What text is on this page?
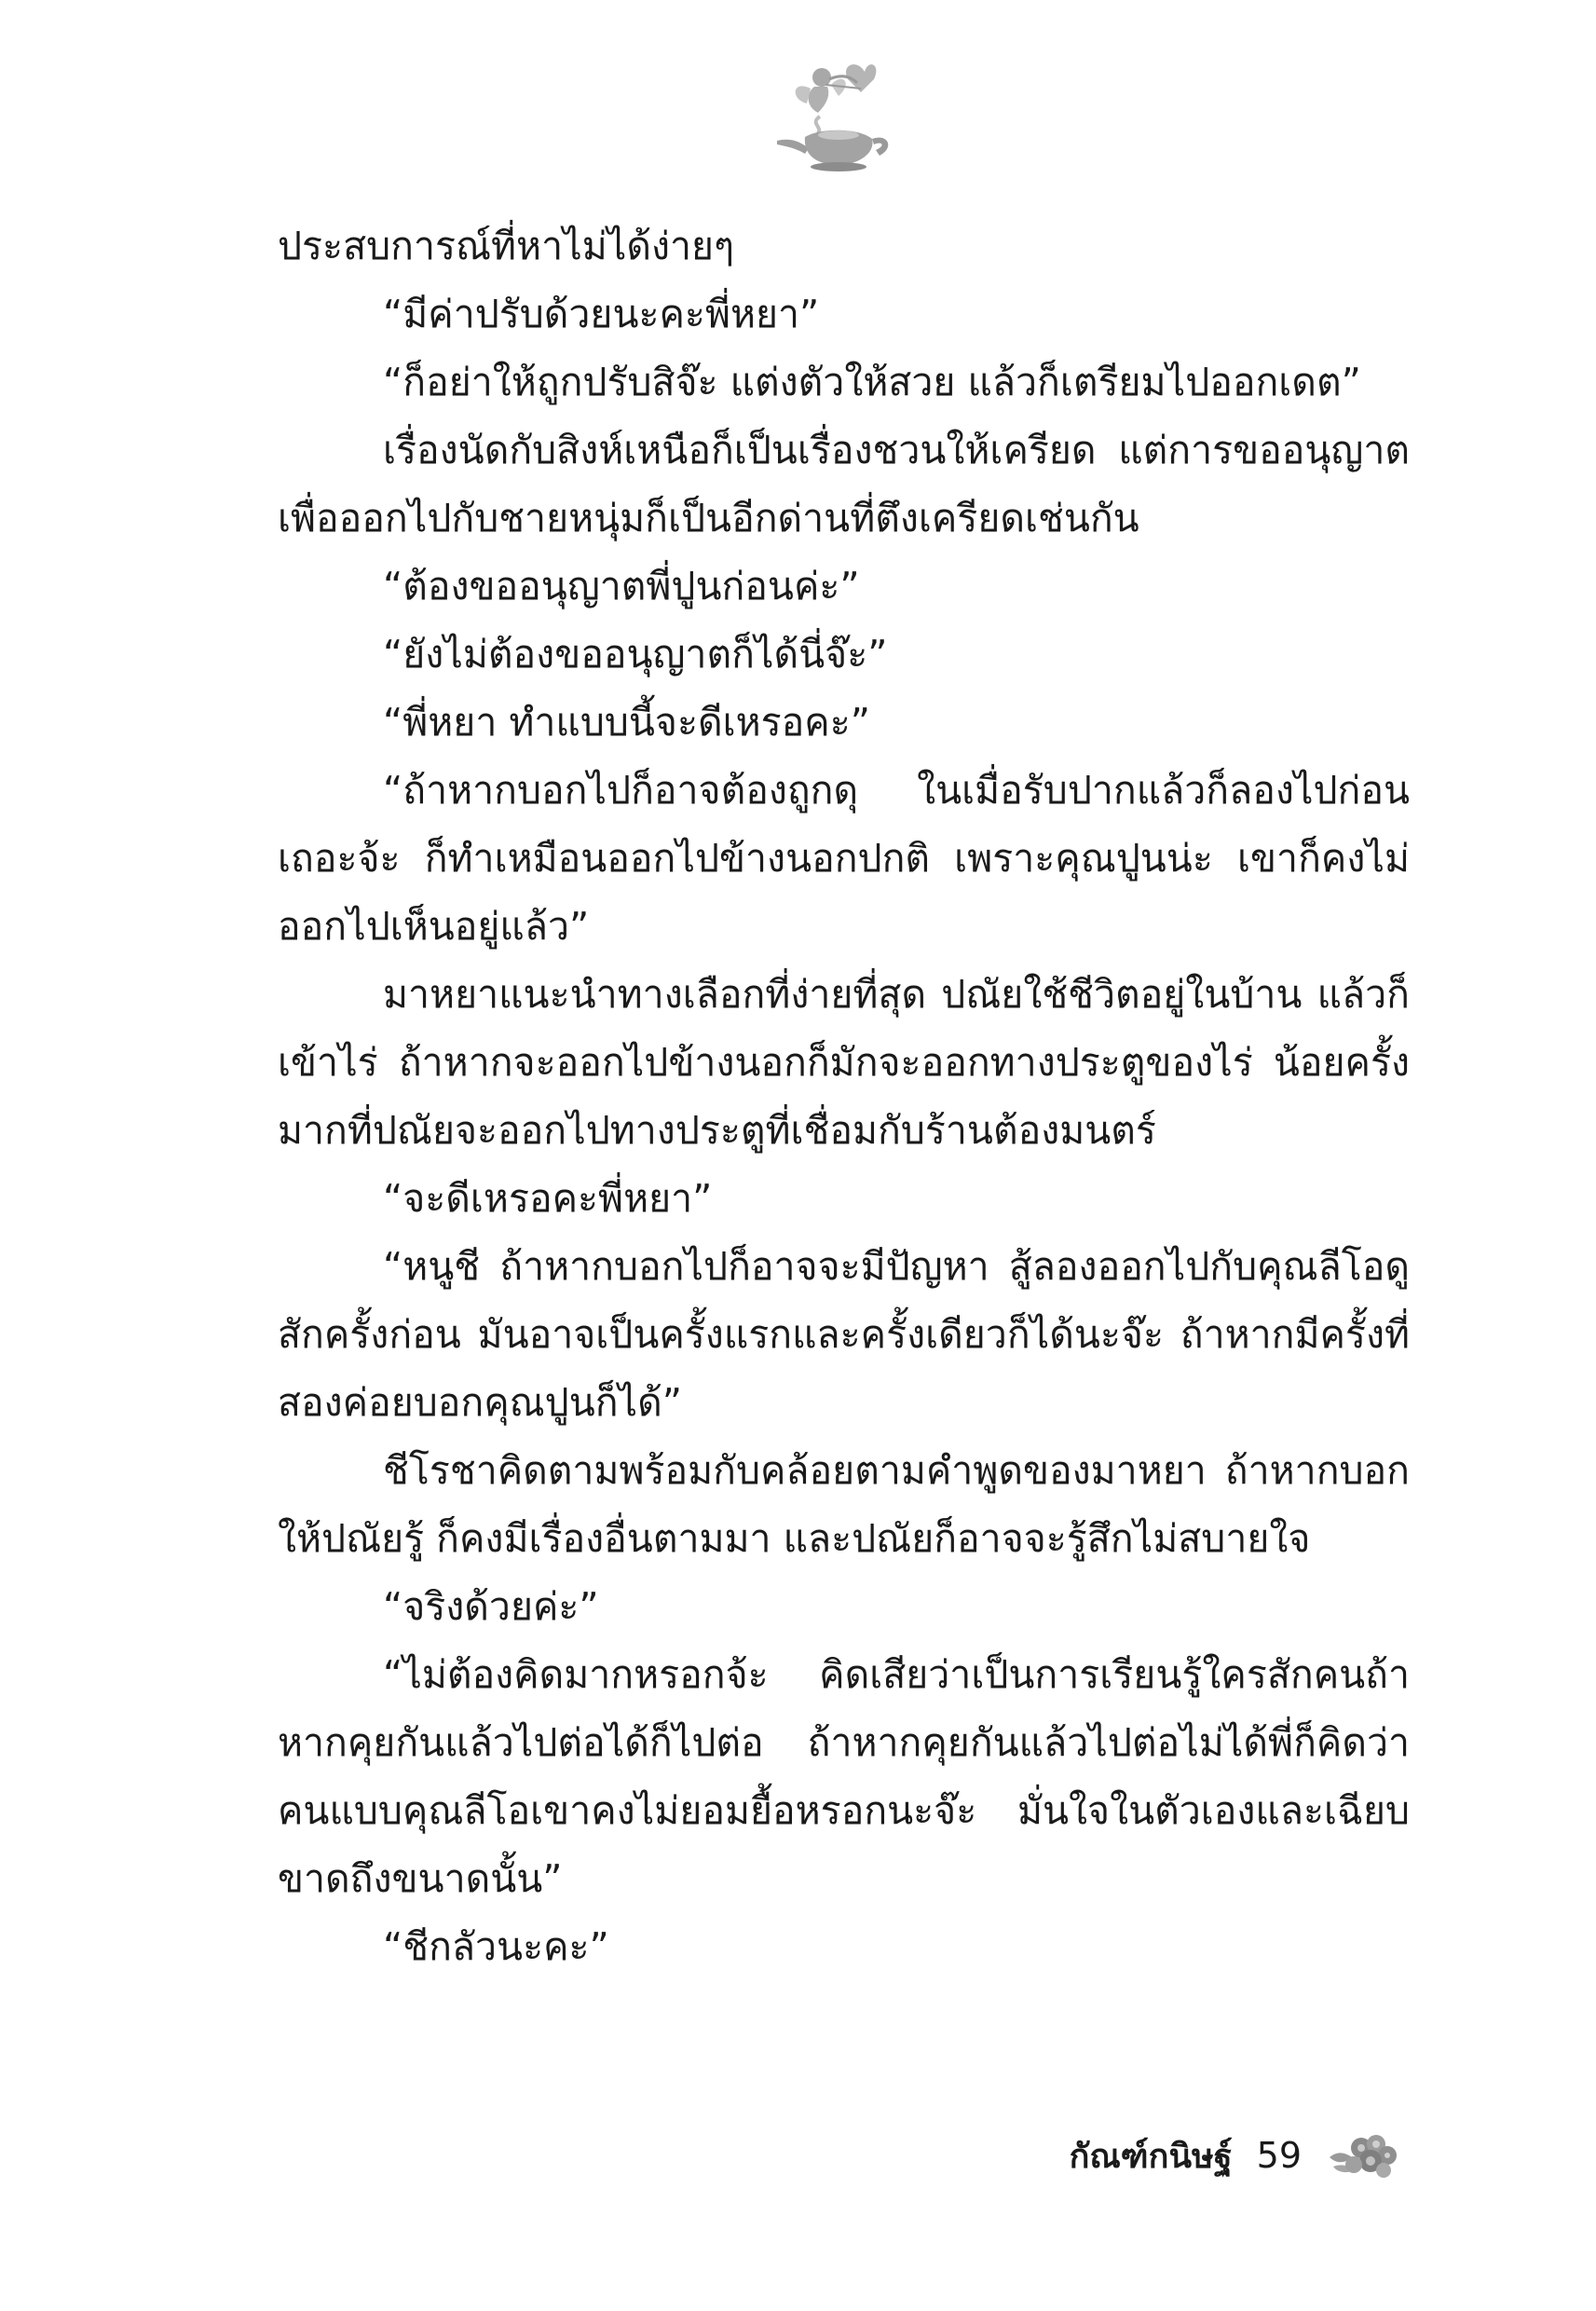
ประสบการณ์ที่หาไม่ได้ง่ายๆ

“มีค่าปรับด้วยนะคะพี่หยา”

“ก็อย่าให้ถูกปรับสิจ๊ะ แต่งตัวให้สวย แล้วก็เตรียมไปออกเดต”

เรื่องนัดกับสิงห์เหนือก็เป็นเรื่องชวนให้เครียด แต่การขออนุญาตเพื่อออกไปกับชายหนุ่มก็เป็นอีกด่านที่ตึงเครียดเช่นกัน

“ต้องขออนุญาตพี่ปูนก่อนค่ะ”

“ยังไม่ต้องขออนุญาตก็ได้นี่จ๊ะ”

“พี่หยา ทำแบบนี้จะดีเหรอคะ”

“ถ้าหากบอกไปก็อาจต้องถูกดุ ในเมื่อรับปากแล้วก็ลองไปก่อนเถอะจ้ะ ก็ทำเหมือนออกไปข้างนอกปกติ เพราะคุณปูนน่ะ เขาก็คงไม่ออกไปเห็นอยู่แล้ว”

มาหยาแนะนำทางเลือกที่ง่ายที่สุด ปณัยใช้ชีวิตอยู่ในบ้าน แล้วก็เข้าไร่ ถ้าหากจะออกไปข้างนอกก็มักจะออกทางประตูของไร่ น้อยครั้งมากที่ปณัยจะออกไปทางประตูที่เชื่อมกับร้านต้องมนตร์

“จะดีเหรอคะพี่หยา”

“หนูชี ถ้าหากบอกไปก็อาจจะมีปัญหา สู้ลองออกไปกับคุณลีโอดูสักครั้งก่อน มันอาจเป็นครั้งแรกและครั้งเดียวก็ได้นะจ๊ะ ถ้าหากมีครั้งที่สองค่อยบอกคุณปูนก็ได้”

ชีโรชาคิดตามพร้อมกับคล้อยตามคำพูดของมาหยา ถ้าหากบอกให้ปณัยรู้ ก็คงมีเรื่องอื่นตามมา และปณัยก็อาจจะรู้สึกไม่สบายใจ

“จริงด้วยค่ะ”

“ไม่ต้องคิดมากหรอกจ้ะ คิดเสียว่าเป็นการเรียนรู้ใครสักคนถ้าหากคุยกันแล้วไปต่อได้ก็ไปต่อ ถ้าหากคุยกันแล้วไปต่อไม่ได้พี่ก็คิดว่าคนแบบคุณลีโอเขาคงไม่ยอมยื้อหรอกนะจ๊ะ มั่นใจในตัวเองและเฉียบขาดถึงขนาดนั้น”

“ชีกลัวนะคะ”

กัณฑ์กนิษฐ์ 59
